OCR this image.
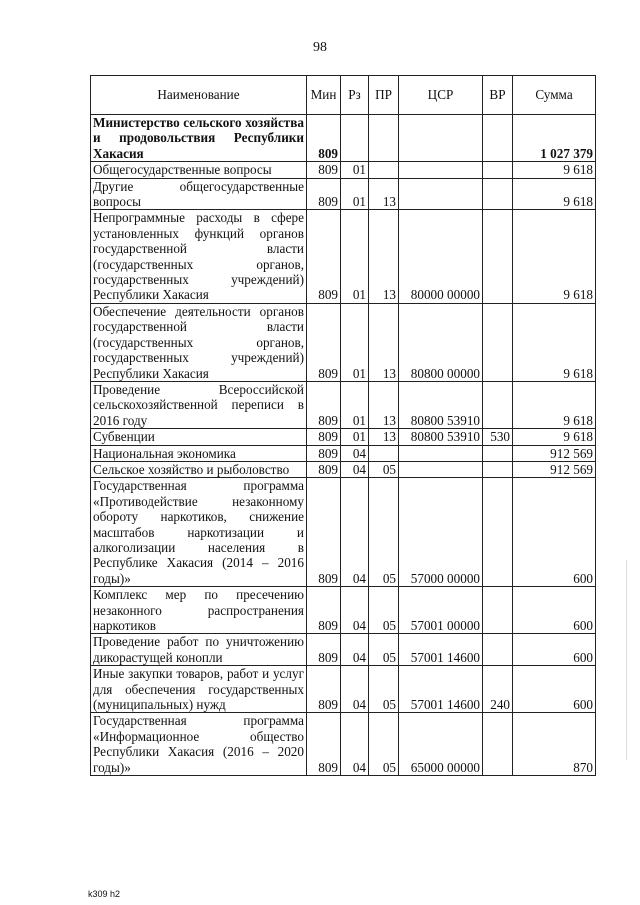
98
Наименование	Мин	Рз	ПР	ЦСР	ВР	Сумма
Министерство сельского хозяйства и продовольствия Республики Хакасия	809					1 027 379
Общегосударственные вопросы	809	01				9 618
Другие общегосударственные вопросы	809	01	13			9 618
Непрограммные расходы в сфере установленных функций органов государственной власти (государственных органов, государственных учреждений) Республики Хакасия	809	01	13	80000 00000		9 618
Обеспечение деятельности органов государственной власти (государственных органов, государственных учреждений) Республики Хакасия	809	01	13	80800 00000		9 618
Проведение Всероссийской сельскохозяйственной переписи в 2016 году	809	01	13	80800 53910		9 618
Субвенции	809	01	13	80800 53910	530	9 618
Национальная экономика	809	04				912 569
Сельское хозяйство и рыболовство	809	04	05			912 569
Государственная программа «Противодействие незаконному обороту наркотиков, снижение масштабов наркотизации и алкоголизации населения в Республике Хакасия (2014 – 2016 годы)»	809	04	05	57000 00000		600
Комплекс мер по пресечению незаконного распространения наркотиков	809	04	05	57001 00000		600
Проведение работ по уничтожению дикорастущей конопли	809	04	05	57001 14600		600
Иные закупки товаров, работ и услуг для обеспечения государственных (муниципальных) нужд	809	04	05	57001 14600	240	600
Государственная программа «Информационное общество Республики Хакасия (2016 – 2020 годы)»	809	04	05	65000 00000		870
k309 h2
